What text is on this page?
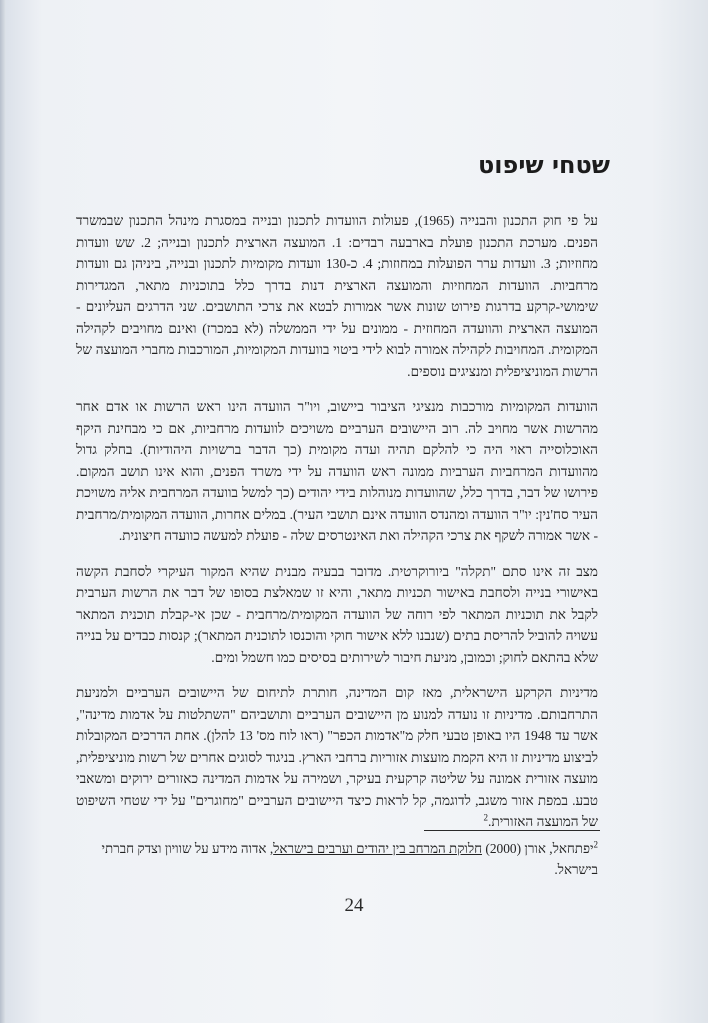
שטחי שיפוט

על פי חוק התכנון והבנייה (1965), פעולות הוועדות לתכנון ובנייה במסגרת מינהל התכנון שבמשרד הפנים. מערכת התכנון פועלת בארבעה רבדים: 1. המועצה הארצית לתכנון ובנייה; 2. שש וועדות מחוזיות; 3. וועדות ערר הפועלות במחוזות; 4. כ-130 וועדות מקומיות לתכנון ובנייה, ביניהן גם וועדות מרחביות. הוועדות המחוזיות והמועצה הארצית דנות בדרך כלל בתוכניות מתאר, המגדירות שימושי-קרקע בדרגות פירוט שונות אשר אמורות לבטא את צרכי התושבים. שני הדרגים העליונים - המועצה הארצית והוועדה המחוזית - ממונים על ידי הממשלה (לא במכרז) ואינם מחויבים לקהילה המקומית. המחויבות לקהילה אמורה לבוא לידי ביטוי בוועדות המקומיות, המורכבות מחברי המועצה של הרשות המוניציפלית ומנציגים נוספים.

הוועדות המקומיות מורכבות מנציגי הציבור ביישוב, ויו"ר הוועדה הינו ראש הרשות או אדם אחר מהרשות אשר מחויב לה. רוב היישובים הערביים משויכים לוועדות מרחביות, אם כי מבחינת היקף האוכלוסייה ראוי היה כי להלקם תהיה ועדה מקומית (כך הדבר ברשויות היהודיות). בחלק גדול מהוועדות המרחביות הערביות ממונה ראש הוועדה על ידי משרד הפנים, והוא אינו תושב המקום. פירושו של דבר, בדרך כלל, שהוועדות מנוהלות בידי יהודים (כך למשל בוועדה המרחבית אליה משויכת העיר סח'נין: יו"ר הוועדה ומהנדס הוועדה אינם תושבי העיר). במלים אחרות, הוועדה המקומית/מרחבית - אשר אמורה לשקף את צרכי הקהילה ואת האינטרסים שלה - פועלת למעשה כוועדה חיצונית.

מצב זה אינו סתם "תקלה" ביורוקרטית. מדובר בבעיה מבנית שהיא המקור העיקרי לסחבת הקשה באישורי בנייה ולסחבת באישור תכניות מתאר, והיא זו שמאלצת בסופו של דבר את הרשות הערבית לקבל את תוכניות המתאר לפי רוחה של הוועדה המקומית/מרחבית - שכן אי-קבלת תוכנית המתאר עשויה להוביל להריסת בתים (שנבנו ללא אישור חוקי והוכנסו לתוכנית המתאר); קנסות כבדים על בנייה שלא בהתאם לחוק; וכמובן, מניעת חיבור לשירותים בסיסים כמו חשמל ומים.

מדיניות הקרקע הישראלית, מאז קום המדינה, חותרת לתיחום של היישובים הערביים ולמניעת התרחבותם. מדיניות זו נועדה למנוע מן היישובים הערביים ותושביהם "השתלטות על אדמות מדינה", אשר עד 1948 היו באופן טבעי חלק מ"אדמות הכפר" (ראו לוח מס' 13 להלן). אחת הדרכים המקובלות לביצוע מדיניות זו היא הקמת מועצות אזוריות ברחבי הארץ. בניגוד לסוגים אחרים של רשות מוניציפלית, מועצה אזורית אמונה על שליטה קרקעית בעיקר, ושמירה על אדמות המדינה כאזורים ירוקים ומשאבי טבע. במפת אזור משגב, לדוגמה, קל לראות כיצד היישובים הערביים "מחוגרים" על ידי שטחי השיפוט של המועצה האזורית.$^2$

$^2$יפתחאל, אורן (2000) חלוקת המרחב בין יהודים וערבים בישראל, אדוה מידע על שוויון וצדק חברתי בישראל.

24
